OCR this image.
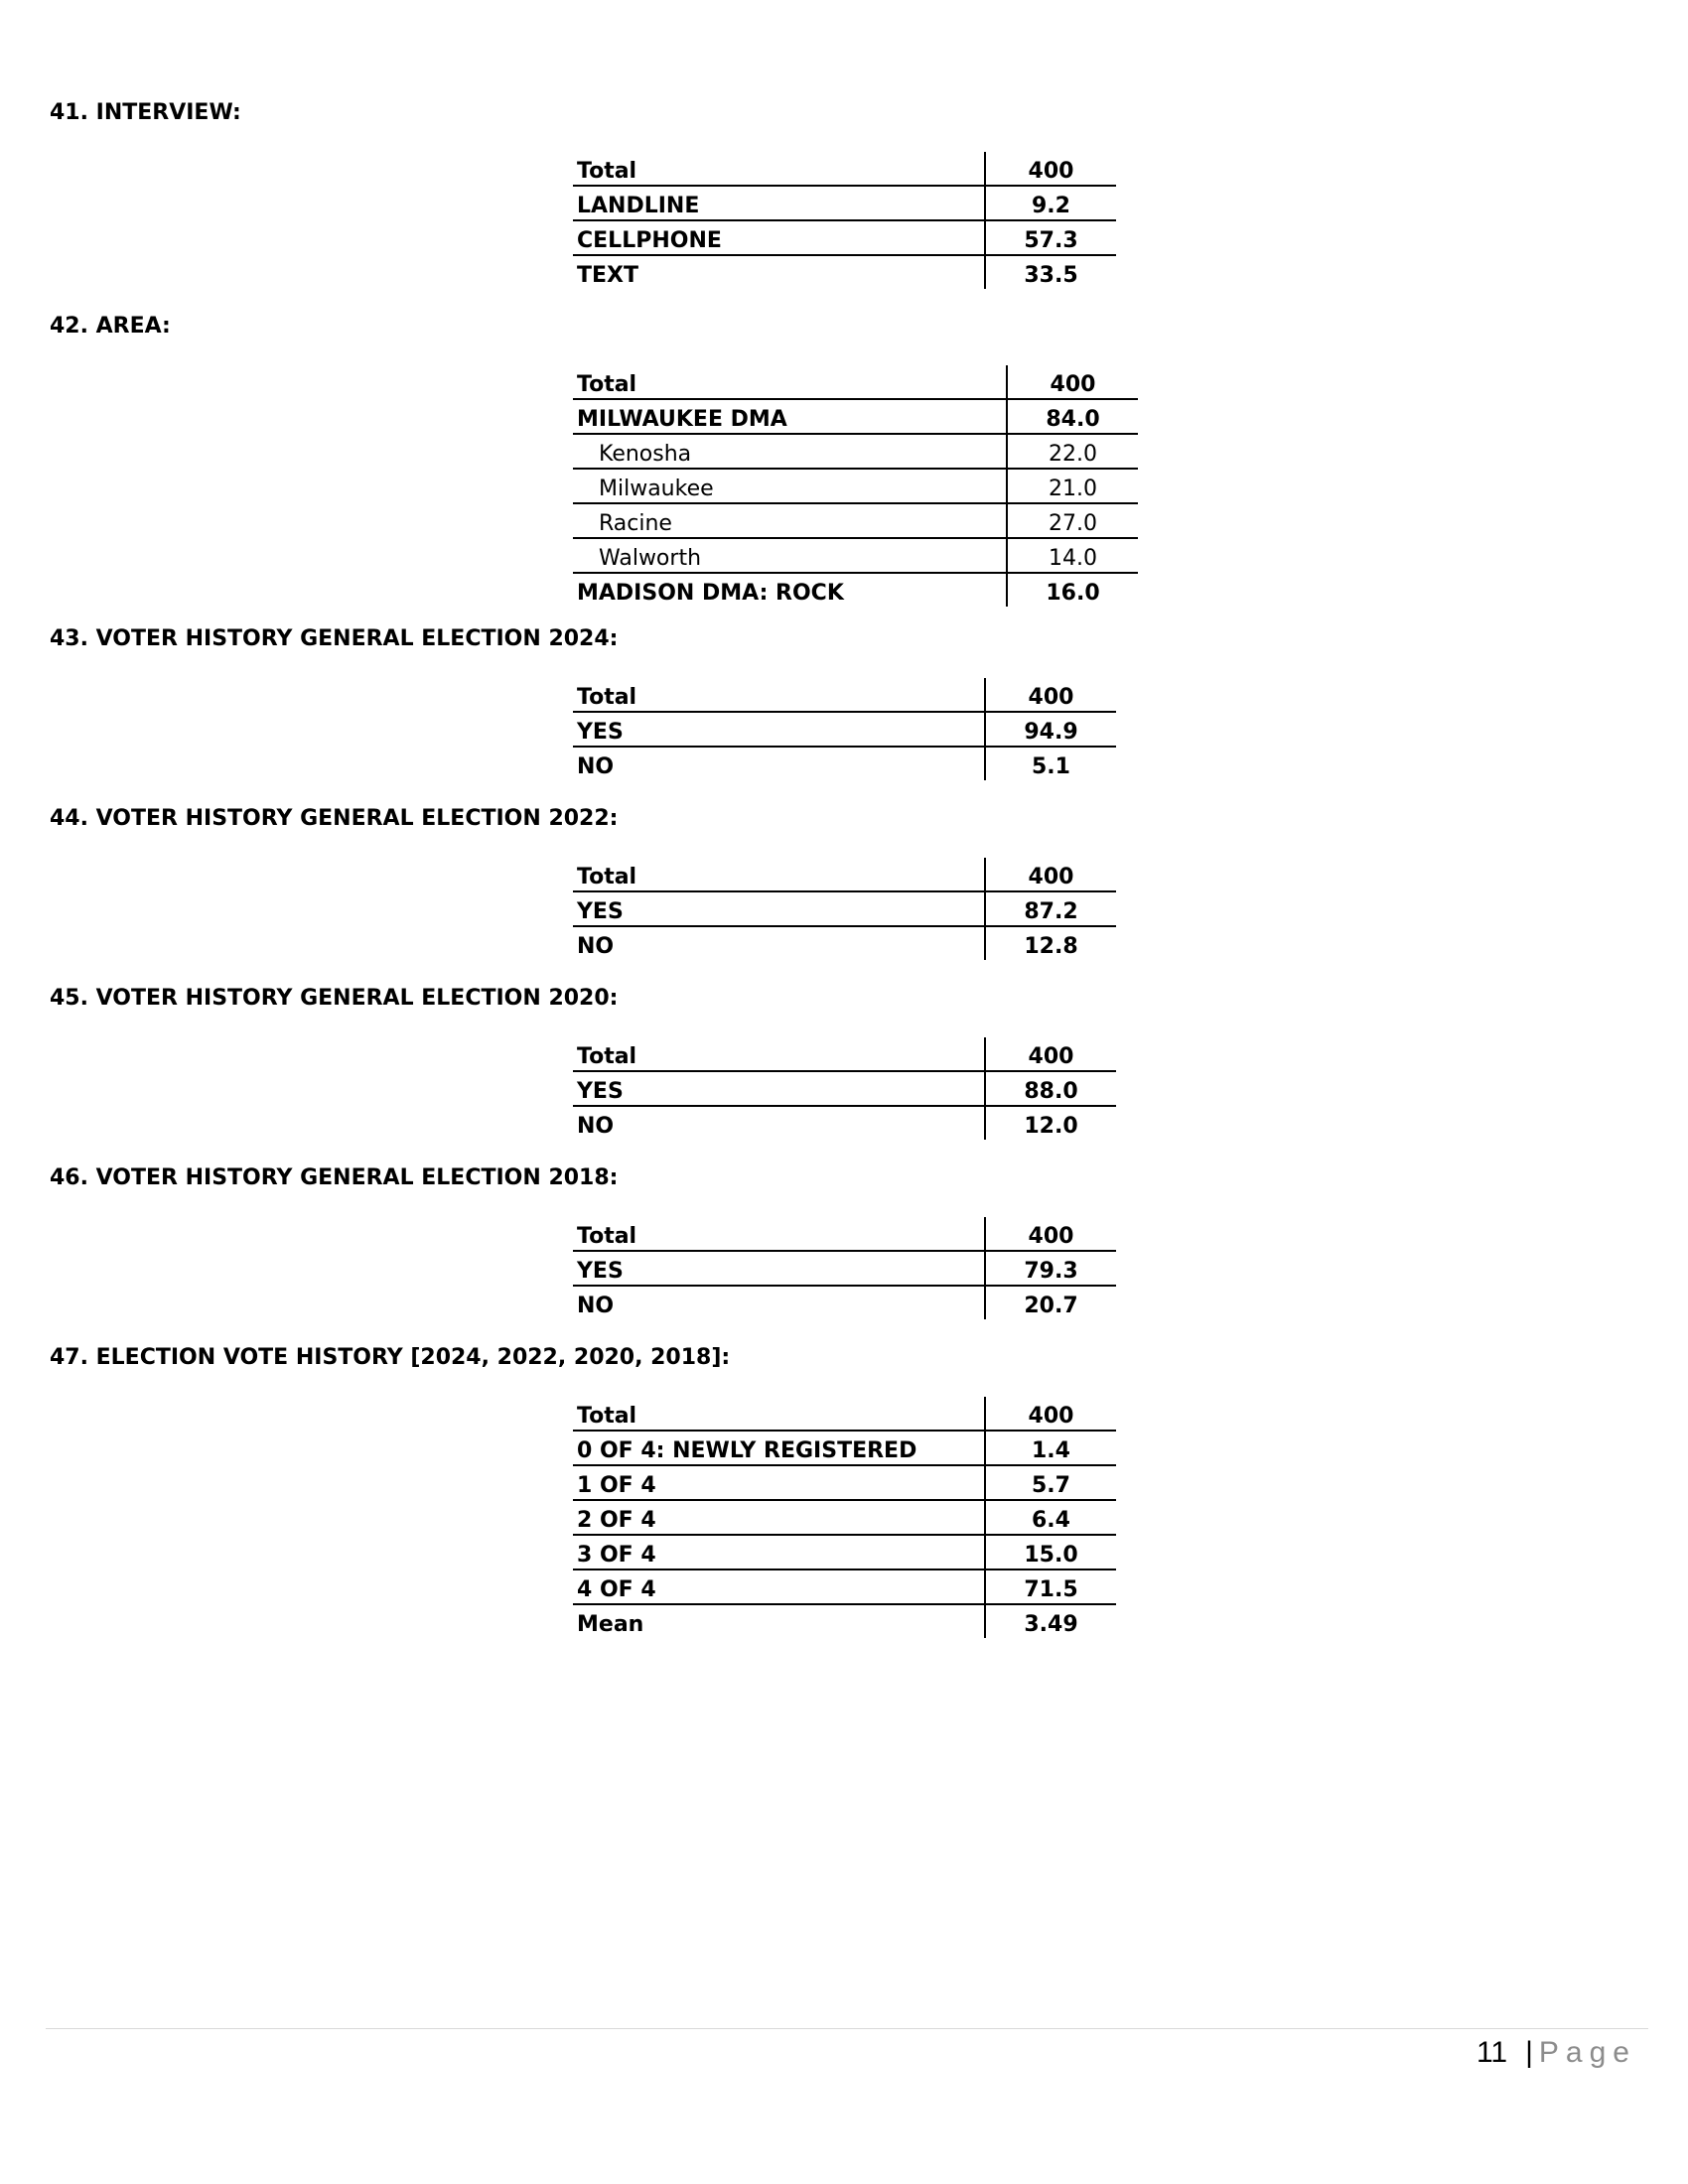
41. INTERVIEW:
Total	400
LANDLINE	9.2
CELLPHONE	57.3
TEXT	33.5
42. AREA:
Total	400
MILWAUKEE DMA	84.0
Kenosha	22.0
Milwaukee	21.0
Racine	27.0
Walworth	14.0
MADISON DMA: ROCK	16.0
43. VOTER HISTORY GENERAL ELECTION 2024:
Total	400
YES	94.9
NO	5.1
44. VOTER HISTORY GENERAL ELECTION 2022:
Total	400
YES	87.2
NO	12.8
45. VOTER HISTORY GENERAL ELECTION 2020:
Total	400
YES	88.0
NO	12.0
46. VOTER HISTORY GENERAL ELECTION 2018:
Total	400
YES	79.3
NO	20.7
47. ELECTION VOTE HISTORY [2024, 2022, 2020, 2018]:
Total	400
0 OF 4: NEWLY REGISTERED	1.4
1 OF 4	5.7
2 OF 4	6.4
3 OF 4	15.0
4 OF 4	71.5
Mean	3.49
11 | Page
